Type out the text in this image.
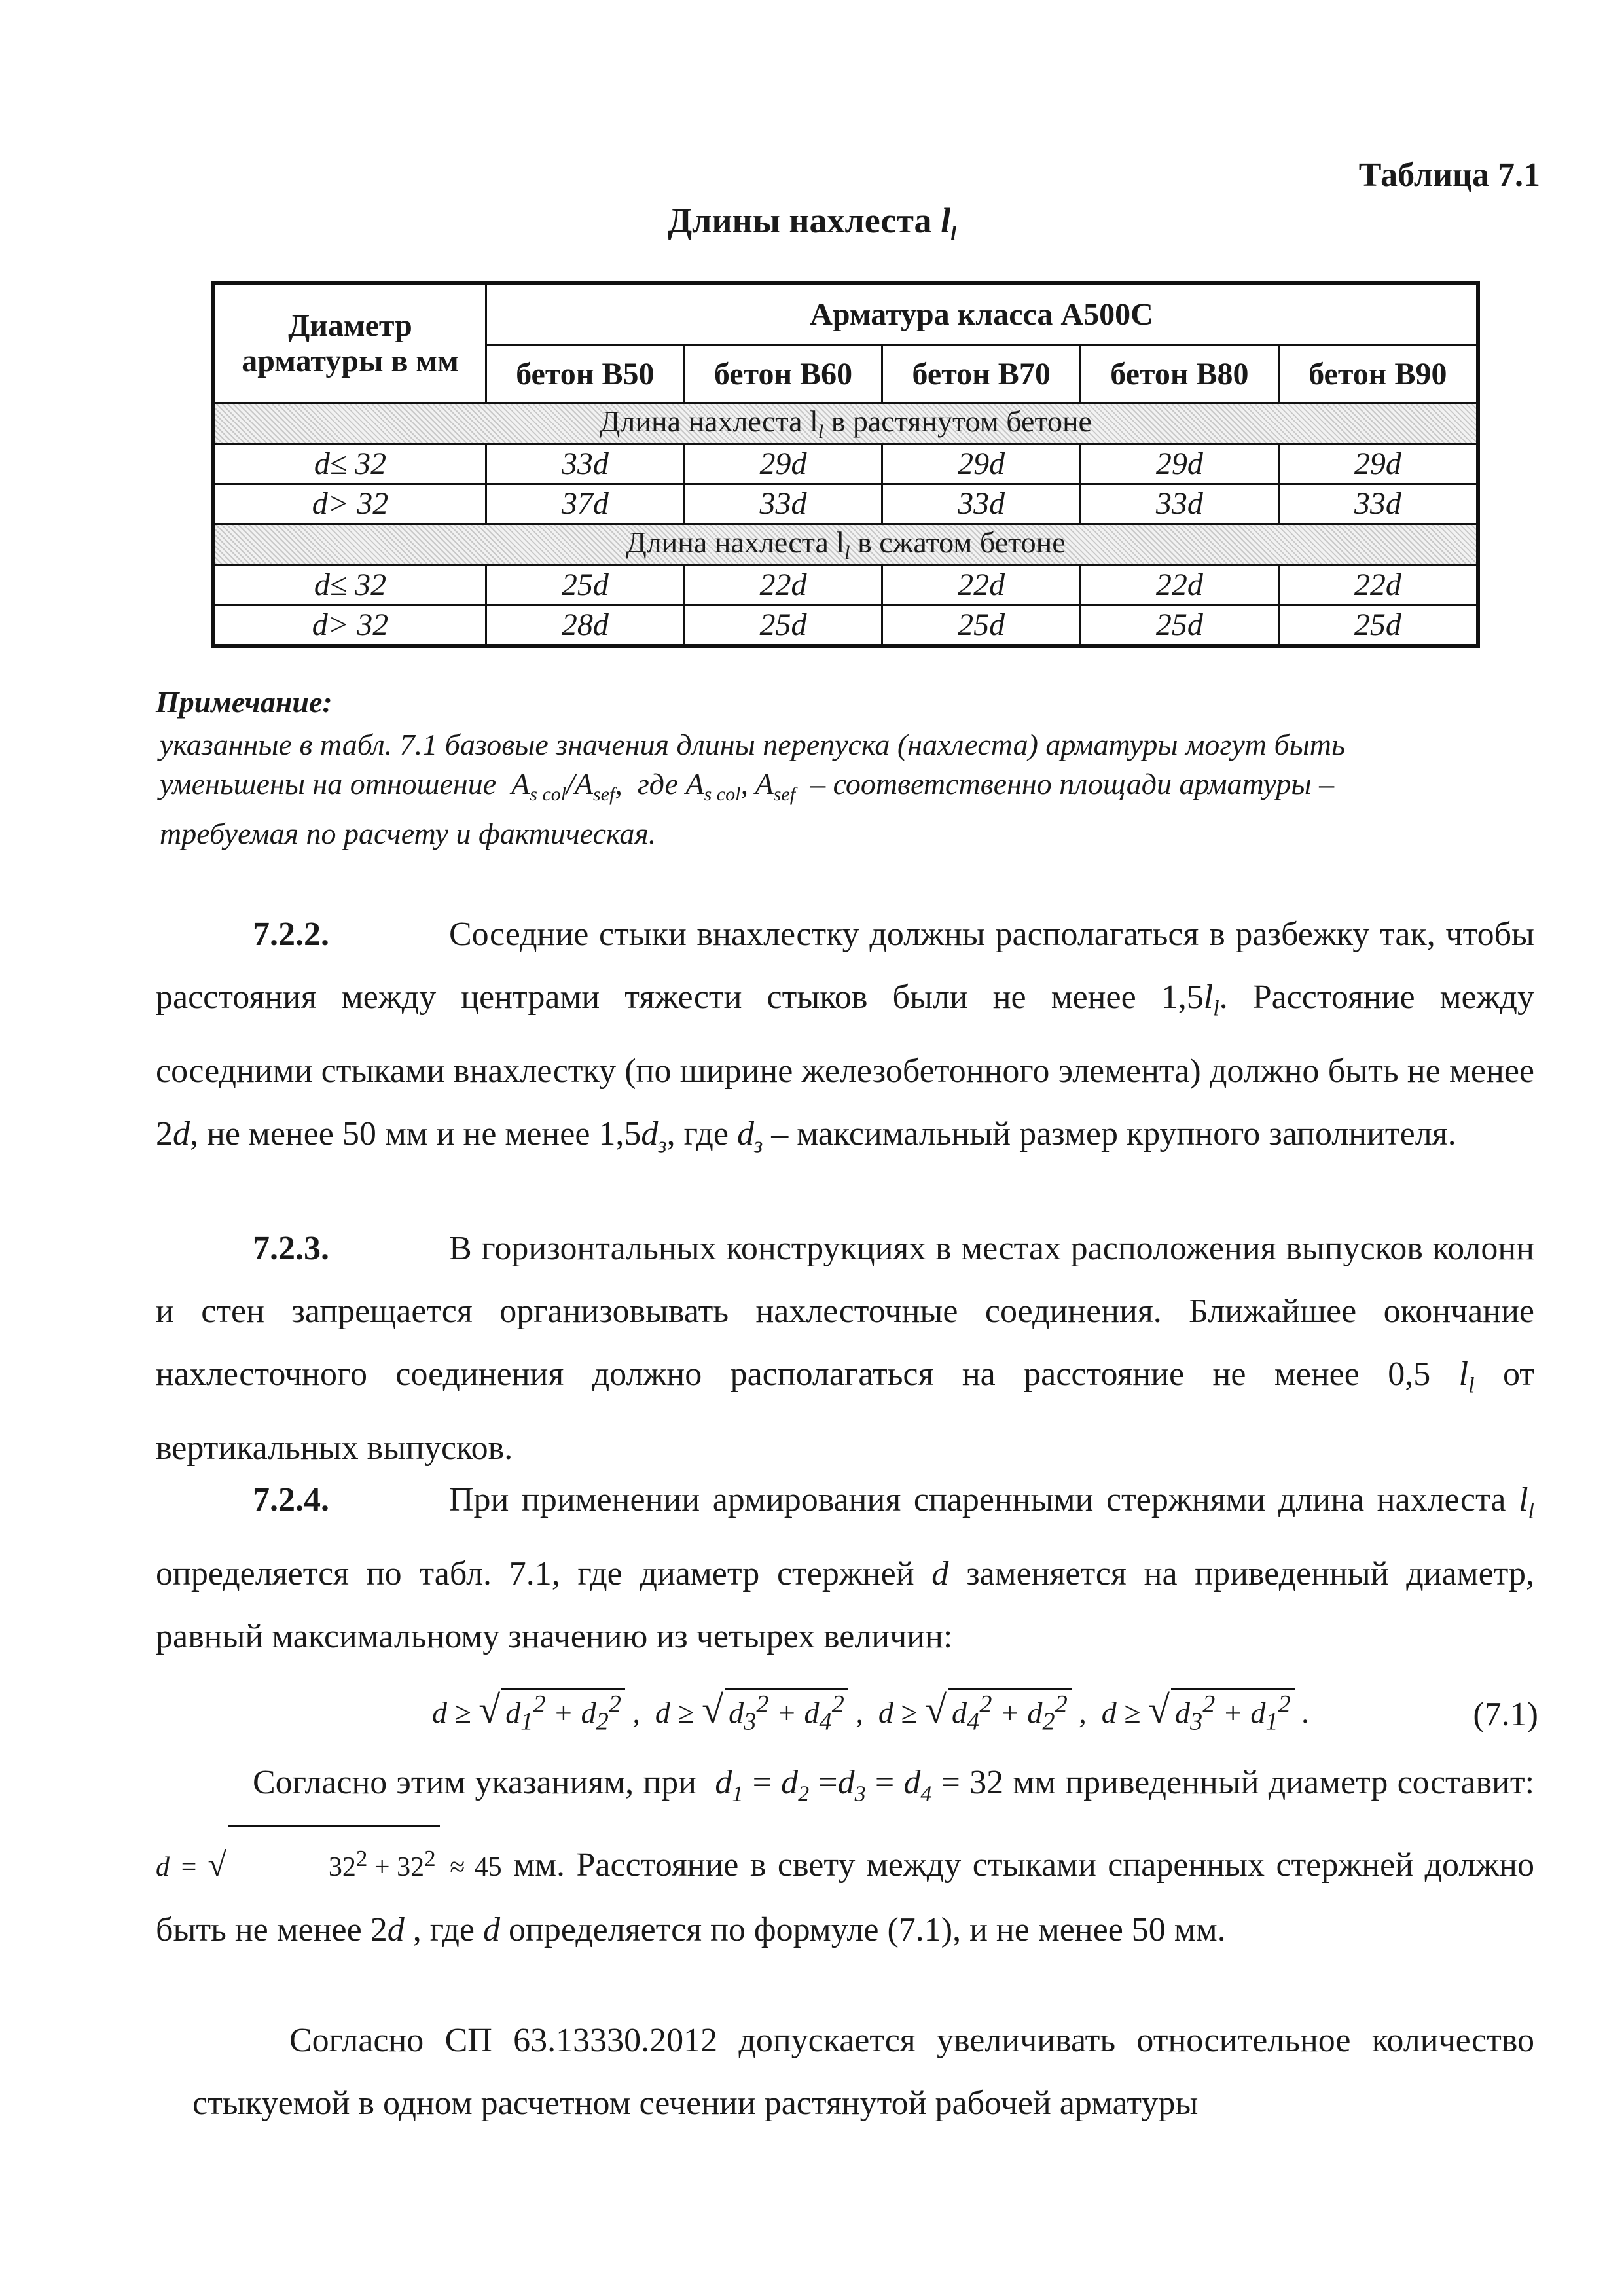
Таблица 7.1
Длины нахлеста $l_l$
Диаметр арматуры в мм	Арматура класса А500С				
	бетон В50	бетон В60	бетон В70	бетон В80	бетон В90
Длина нахлеста $l_l$ в растянутом бетоне					
d≤ 32	33d	29d	29d	29d	29d
d> 32	37d	33d	33d	33d	33d
Длина нахлеста $l_l$ в сжатом бетоне					
d≤ 32	25d	22d	22d	22d	22d
d> 32	28d	25d	25d	25d	25d
Примечание:
указанные в табл. 7.1 базовые значения длины перепуска (нахлеста) арматуры могут быть
уменьшены на отношение  $A_{s col}/A_{sef}$,  где $A_{s col}$, $A_{sef}$ – соответственно площади арматуры –
требуемая по расчету и фактическая.
7.2.2.	Соседние стыки внахлестку должны располагаться в разбежку так, чтобы расстояния между центрами тяжести стыков были не менее $1,5l_l$. Расстояние между соседними стыками внахлестку (по ширине железобетонного элемента) должно быть не менее 2d, не менее 50 мм и не менее $1,5d_з$, где $d_з$ – максимальный размер крупного заполнителя.
7.2.3.	В горизонтальных конструкциях в местах расположения выпусков колонн и стен запрещается организовывать нахлесточные соединения. Ближайшее окончание нахлесточного соединения должно располагаться на расстояние не менее 0,5 $l_l$ от вертикальных выпусков.
7.2.4.	При применении армирования спаренными стержнями длина нахлеста $l_l$ определяется по табл. 7.1, где диаметр стержней d заменяется на приведенный диаметр, равный максимальному значению из четырех величин:
d ≥ √ $d_1^2 + d_2^2$ ,  d ≥ √ $d_3^2 + d_4^2$ ,  d ≥ √ $d_4^2 + d_2^2$ ,  d ≥ √ $d_3^2 + d_1^2$ .	(7.1)
Согласно этим указаниям, при $d_1 = d_2 =d_3 = d_4 = 32$ мм приведенный диаметр составит: d = √	$32^2 + 32^2 \approx 45$ мм. Расстояние в свету между стыками спаренных стержней должно быть не менее 2d , где d определяется по формуле (7.1), и не менее 50 мм.
Согласно СП 63.13330.2012 допускается увеличивать относительное количество стыкуемой в одном расчетном сечении растянутой рабочей арматуры
